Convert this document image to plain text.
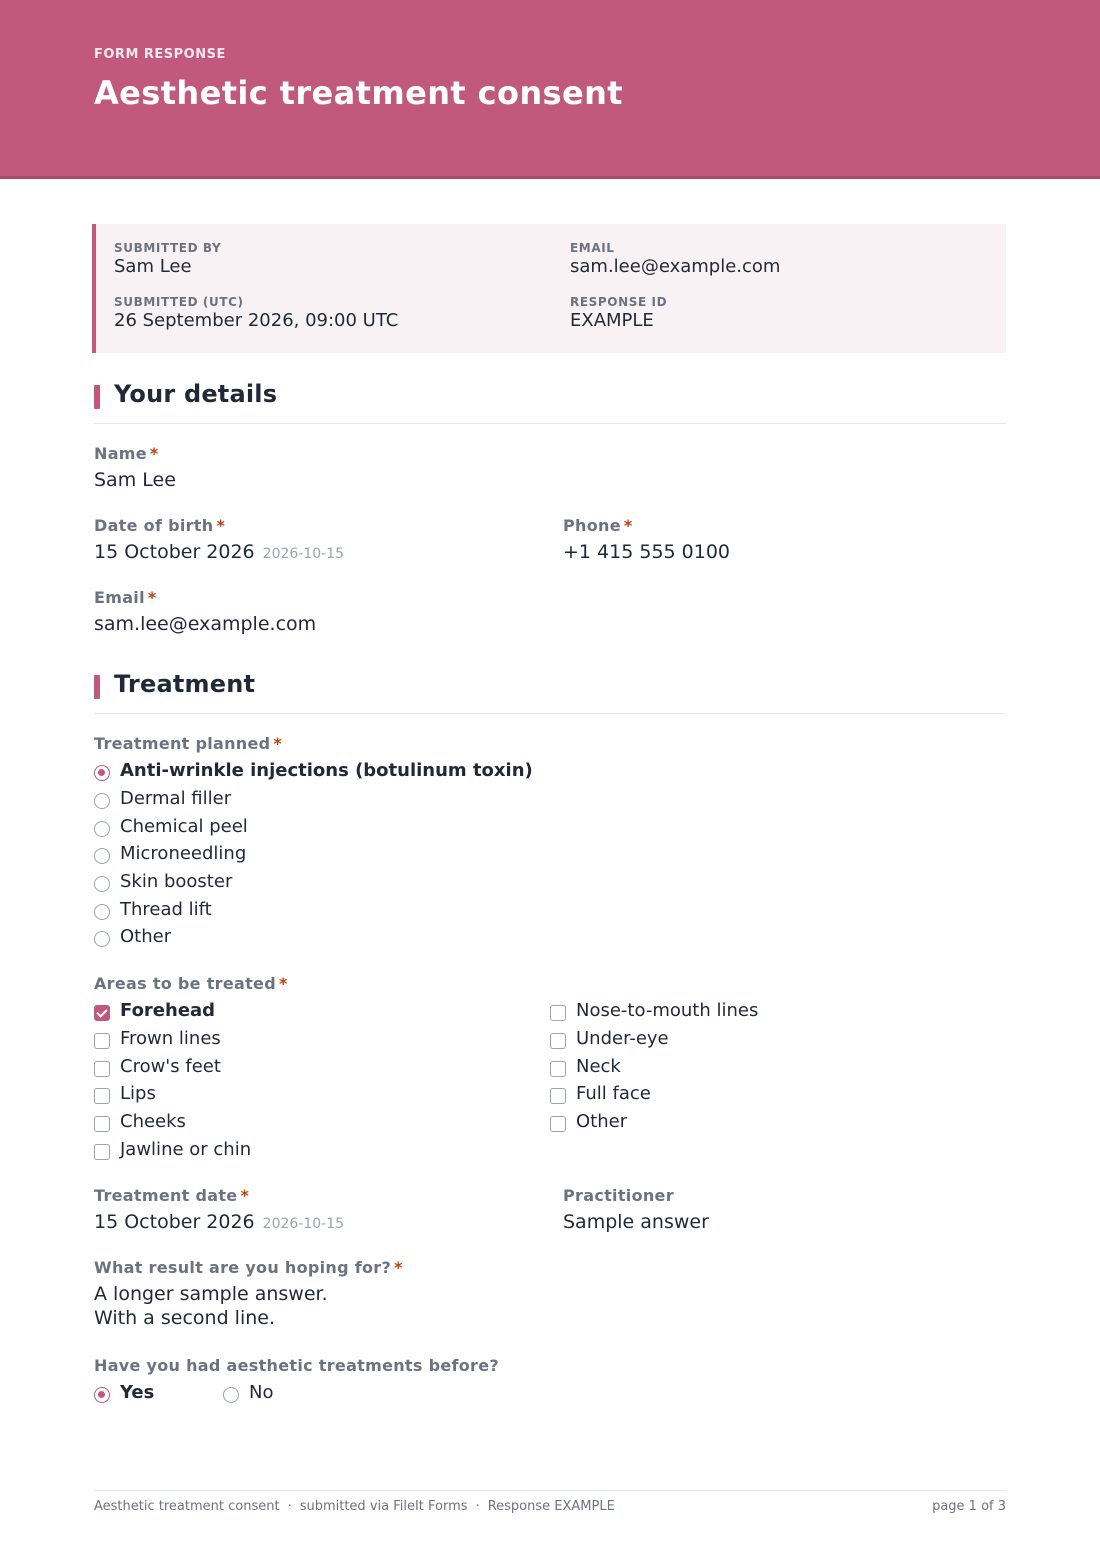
FORM RESPONSE
Aesthetic treatment consent
SUBMITTED BY
Sam Lee
EMAIL
sam.lee@example.com
SUBMITTED (UTC)
26 September 2026, 09:00 UTC
RESPONSE ID
EXAMPLE
Your details
Name *
Sam Lee
Date of birth *
15 October 2026 2026-10-15
Phone *
+1 415 555 0100
Email *
sam.lee@example.com
Treatment
Treatment planned *
Anti-wrinkle injections (botulinum toxin)
Dermal filler
Chemical peel
Microneedling
Skin booster
Thread lift
Other
Areas to be treated *
Forehead
Frown lines
Crow's feet
Lips
Cheeks
Jawline or chin
Nose-to-mouth lines
Under-eye
Neck
Full face
Other
Treatment date *
15 October 2026 2026-10-15
Practitioner
Sample answer
What result are you hoping for? *
A longer sample answer.
With a second line.
Have you had aesthetic treatments before?
Yes	No
Aesthetic treatment consent · submitted via FileIt Forms · Response EXAMPLE	page 1 of 3
